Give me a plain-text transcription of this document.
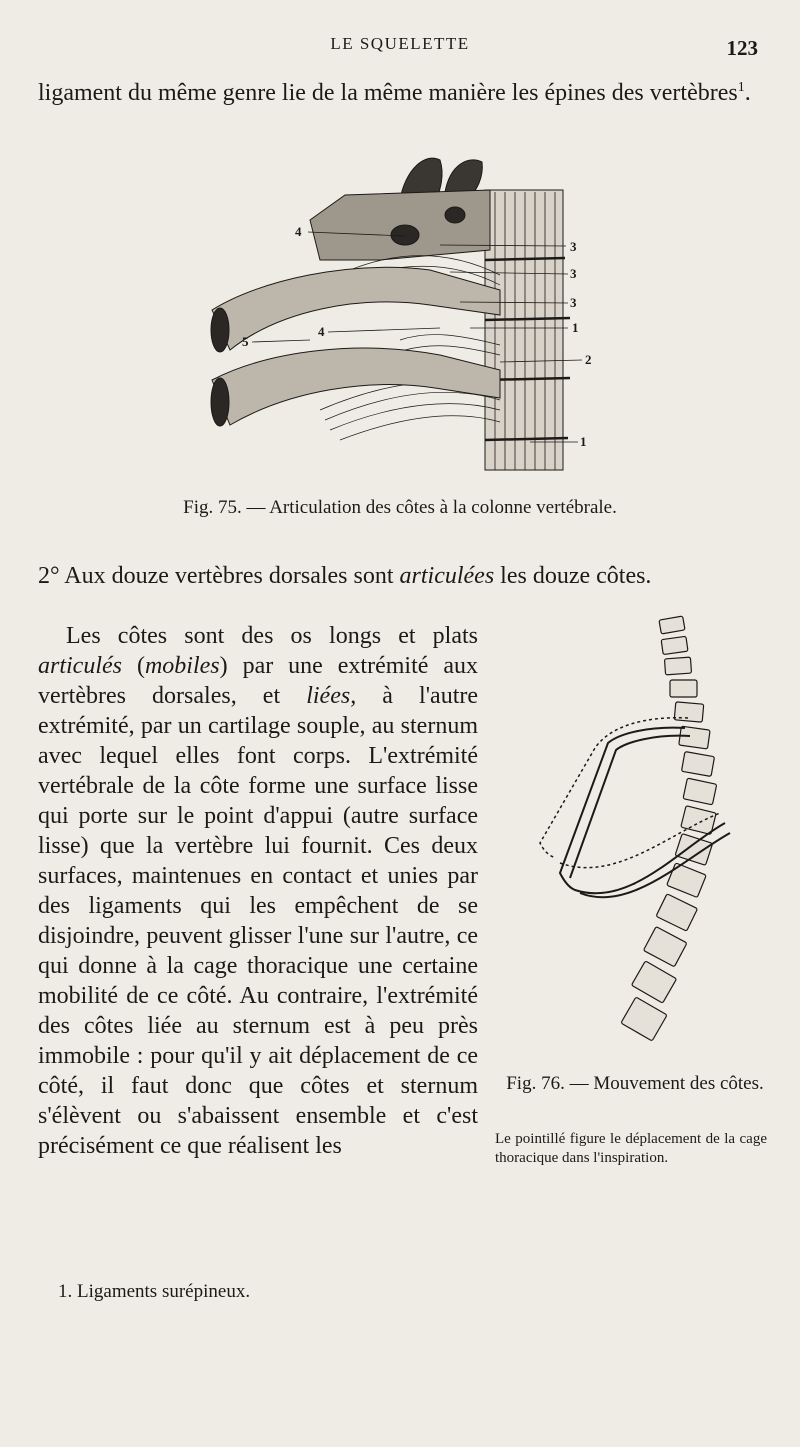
LE SQUELETTE	123

ligament du même genre lie de la même manière les épines des vertèbres$^1$.

4
3
3
3
1
4
5
2
1
Fig. 75. — Articulation des côtes à la colonne vertébrale.

2° Aux douze vertèbres dorsales sont articulées les douze côtes.

Les côtes sont des os longs et plats articulés (mobiles) par une extrémité aux vertèbres dorsales, et liées, à l'autre extrémité, par un cartilage souple, au sternum avec lequel elles font corps. L'extrémité vertébrale de la côte forme une surface lisse qui porte sur le point d'appui (autre surface lisse) que la vertèbre lui fournit. Ces deux surfaces, maintenues en contact et unies par des ligaments qui les empêchent de se disjoindre, peuvent glisser l'une sur l'autre, ce qui donne à la cage thoracique une certaine mobilité de ce côté. Au contraire, l'extrémité des côtes liée au sternum est à peu près immobile : pour qu'il y ait déplacement de ce côté, il faut donc que côtes et sternum s'élèvent ou s'abaissent ensemble et c'est précisément ce que réalisent les

Fig. 76. — Mouvement des côtes.
Le pointillé figure le déplacement de la cage thoracique dans l'inspiration.
1. Ligaments surépineux.
